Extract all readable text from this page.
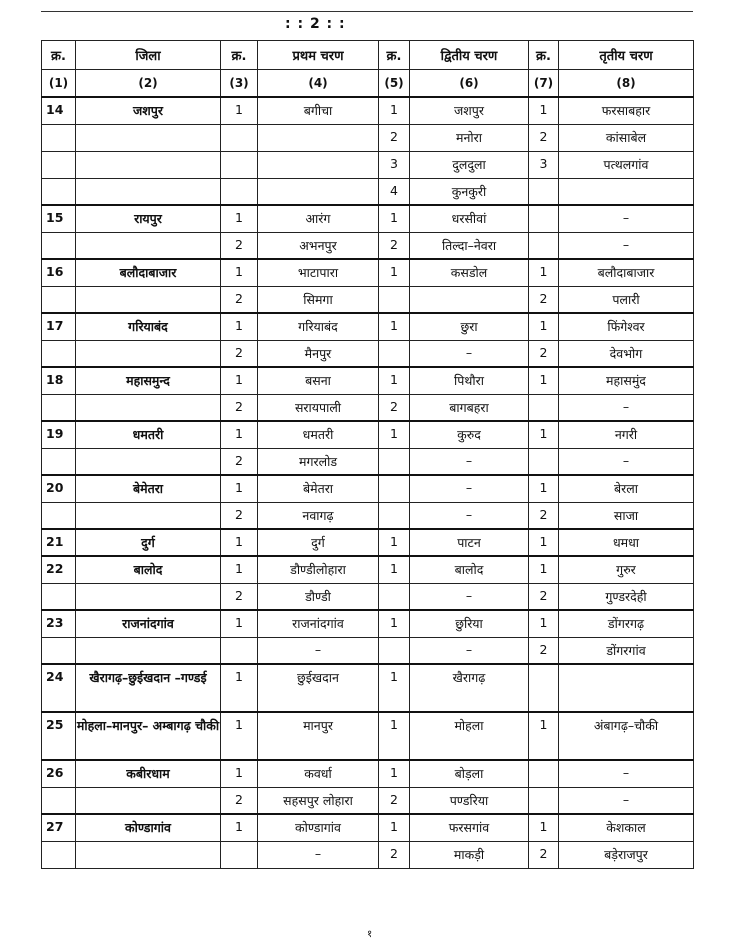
: : 2 : :
क्र.	जिला	क्र.	प्रथम चरण	क्र.	द्वितीय चरण	क्र.	तृतीय चरण
(1)	(2)	(3)	(4)	(5)	(6)	(7)	(8)
14	जशपुर	1	बगीचा	1	जशपुर	1	फरसाबहार
				2	मनोरा	2	कांसाबेल
				3	दुलदुला	3	पत्थलगांव
				4	कुनकुरी		
15	रायपुर	1	आरंग	1	धरसीवां		–
		2	अभनपुर	2	तिल्दा–नेवरा		–
16	बलौदाबाजार	1	भाटापारा	1	कसडोल	1	बलौदाबाजार
		2	सिमगा			2	पलारी
17	गरियाबंद	1	गरियाबंद	1	छुरा	1	फिंगेश्वर
		2	मैनपुर		–	2	देवभोग
18	महासमुन्द	1	बसना	1	पिथौरा	1	महासमुंद
		2	सरायपाली	2	बागबहरा		–
19	धमतरी	1	धमतरी	1	कुरुद	1	नगरी
		2	मगरलोड		–		–
20	बेमेतरा	1	बेमेतरा		–	1	बेरला
		2	नवागढ़		–	2	साजा
21	दुर्ग	1	दुर्ग	1	पाटन	1	धमधा
22	बालोद	1	डौण्डीलोहारा	1	बालोद	1	गुरुर
		2	डौण्डी		–	2	गुण्डरदेही
23	राजनांदगांव	1	राजनांदगांव	1	छुरिया	1	डोंगरगढ़
			–		–	2	डोंगरगांव
24	खैरागढ़–छुईखदान –गण्डई	1	छुईखदान	1	खैरागढ़		
25	मोहला–मानपुर– अम्बागढ़ चौकी	1	मानपुर	1	मोहला	1	अंबागढ़–चौकी
26	कबीरधाम	1	कवर्धा	1	बोड़ला		–
		2	सहसपुर लोहारा	2	पण्डरिया		–
27	कोण्डागांव	1	कोण्डागांव	1	फरसगांव	1	केशकाल
			–	2	माकड़ी	2	बड़ेराजपुर
१
